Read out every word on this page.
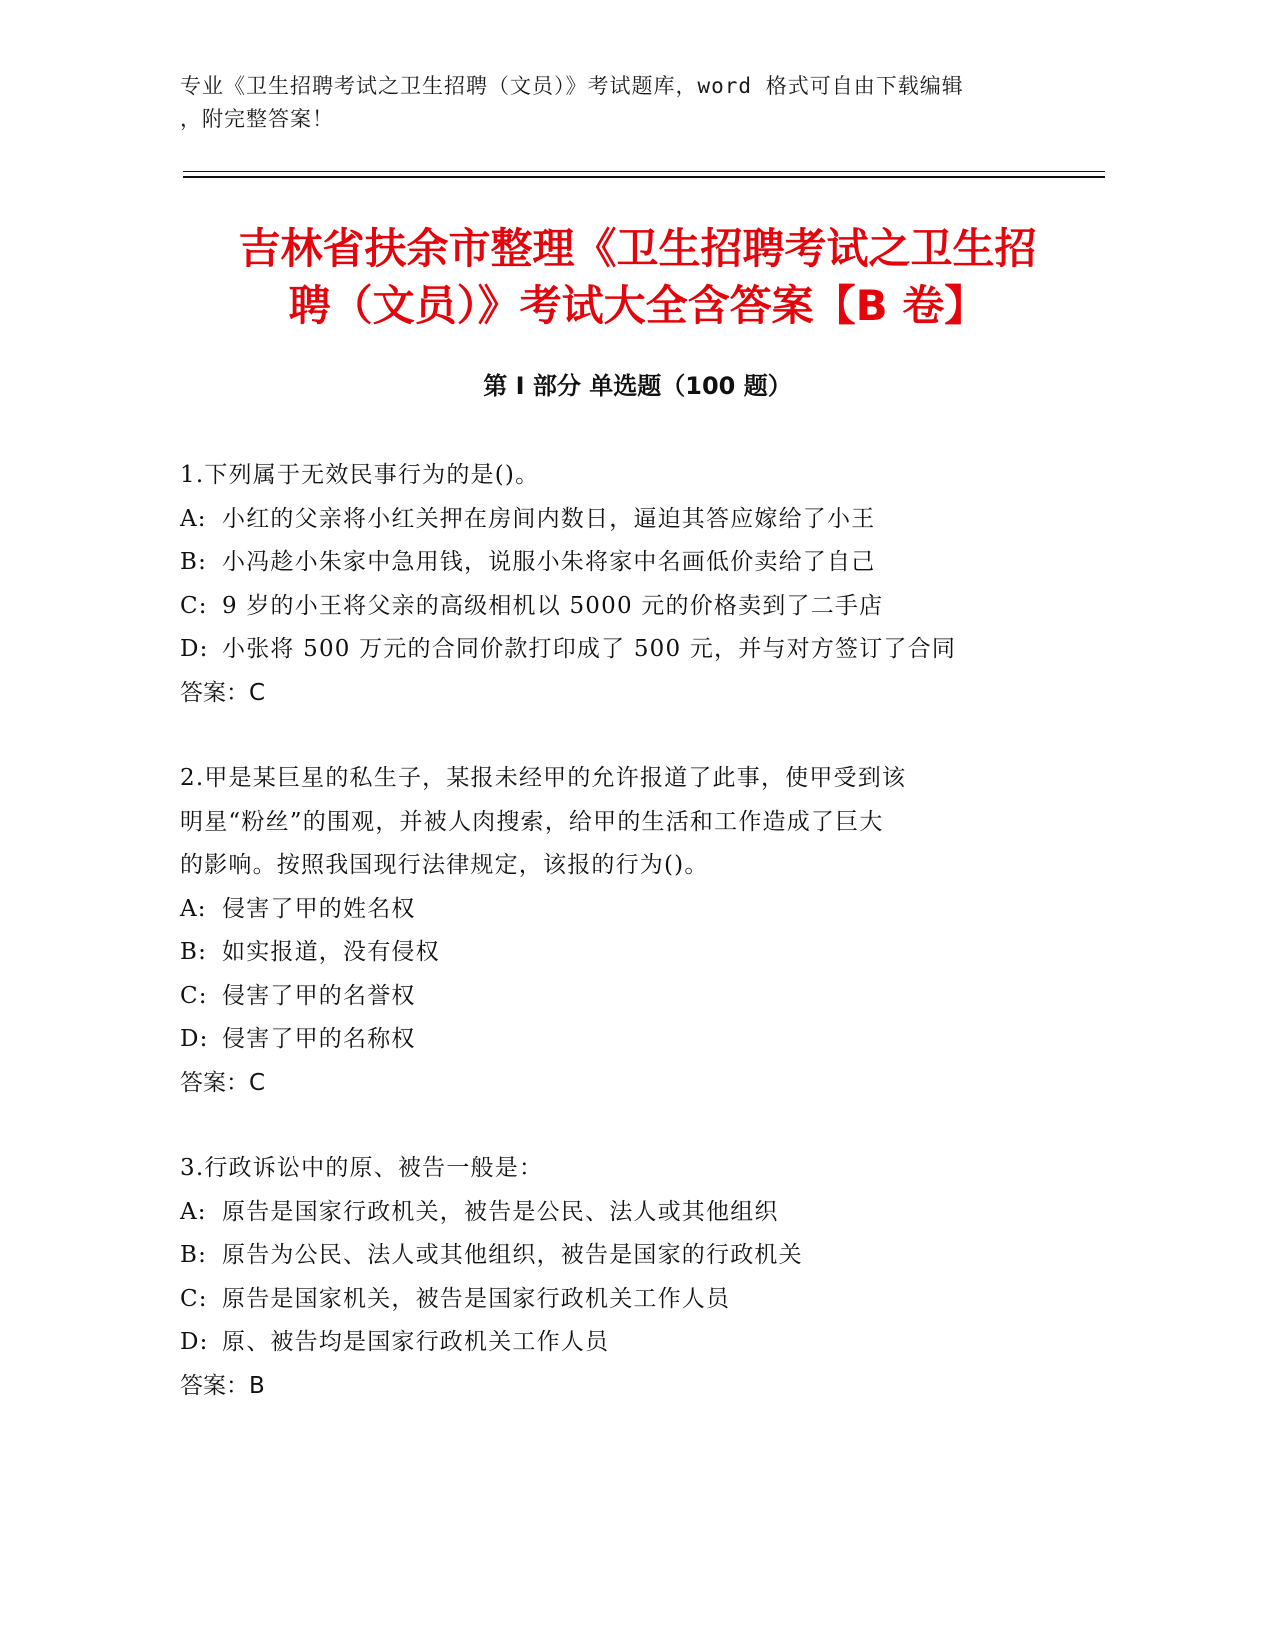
专业《卫生招聘考试之卫生招聘（文员）》考试题库，word 格式可自由下载编辑
，附完整答案！
吉林省扶余市整理《卫生招聘考试之卫生招
聘（文员）》考试大全含答案【B 卷】
第 I 部分 单选题（100 题）
1.下列属于无效民事行为的是()。
A: 小红的父亲将小红关押在房间内数日，逼迫其答应嫁给了小王
B: 小冯趁小朱家中急用钱，说服小朱将家中名画低价卖给了自己
C: 9 岁的小王将父亲的高级相机以 5000 元的价格卖到了二手店
D: 小张将 500 万元的合同价款打印成了 500 元，并与对方签订了合同
答案：C
2.甲是某巨星的私生子，某报未经甲的允许报道了此事，使甲受到该
明星“粉丝”的围观，并被人肉搜索，给甲的生活和工作造成了巨大
的影响。按照我国现行法律规定，该报的行为()。
A: 侵害了甲的姓名权
B: 如实报道，没有侵权
C: 侵害了甲的名誉权
D: 侵害了甲的名称权
答案：C
3.行政诉讼中的原、被告一般是：
A: 原告是国家行政机关，被告是公民、法人或其他组织
B: 原告为公民、法人或其他组织，被告是国家的行政机关
C: 原告是国家机关，被告是国家行政机关工作人员
D: 原、被告均是国家行政机关工作人员
答案：B
